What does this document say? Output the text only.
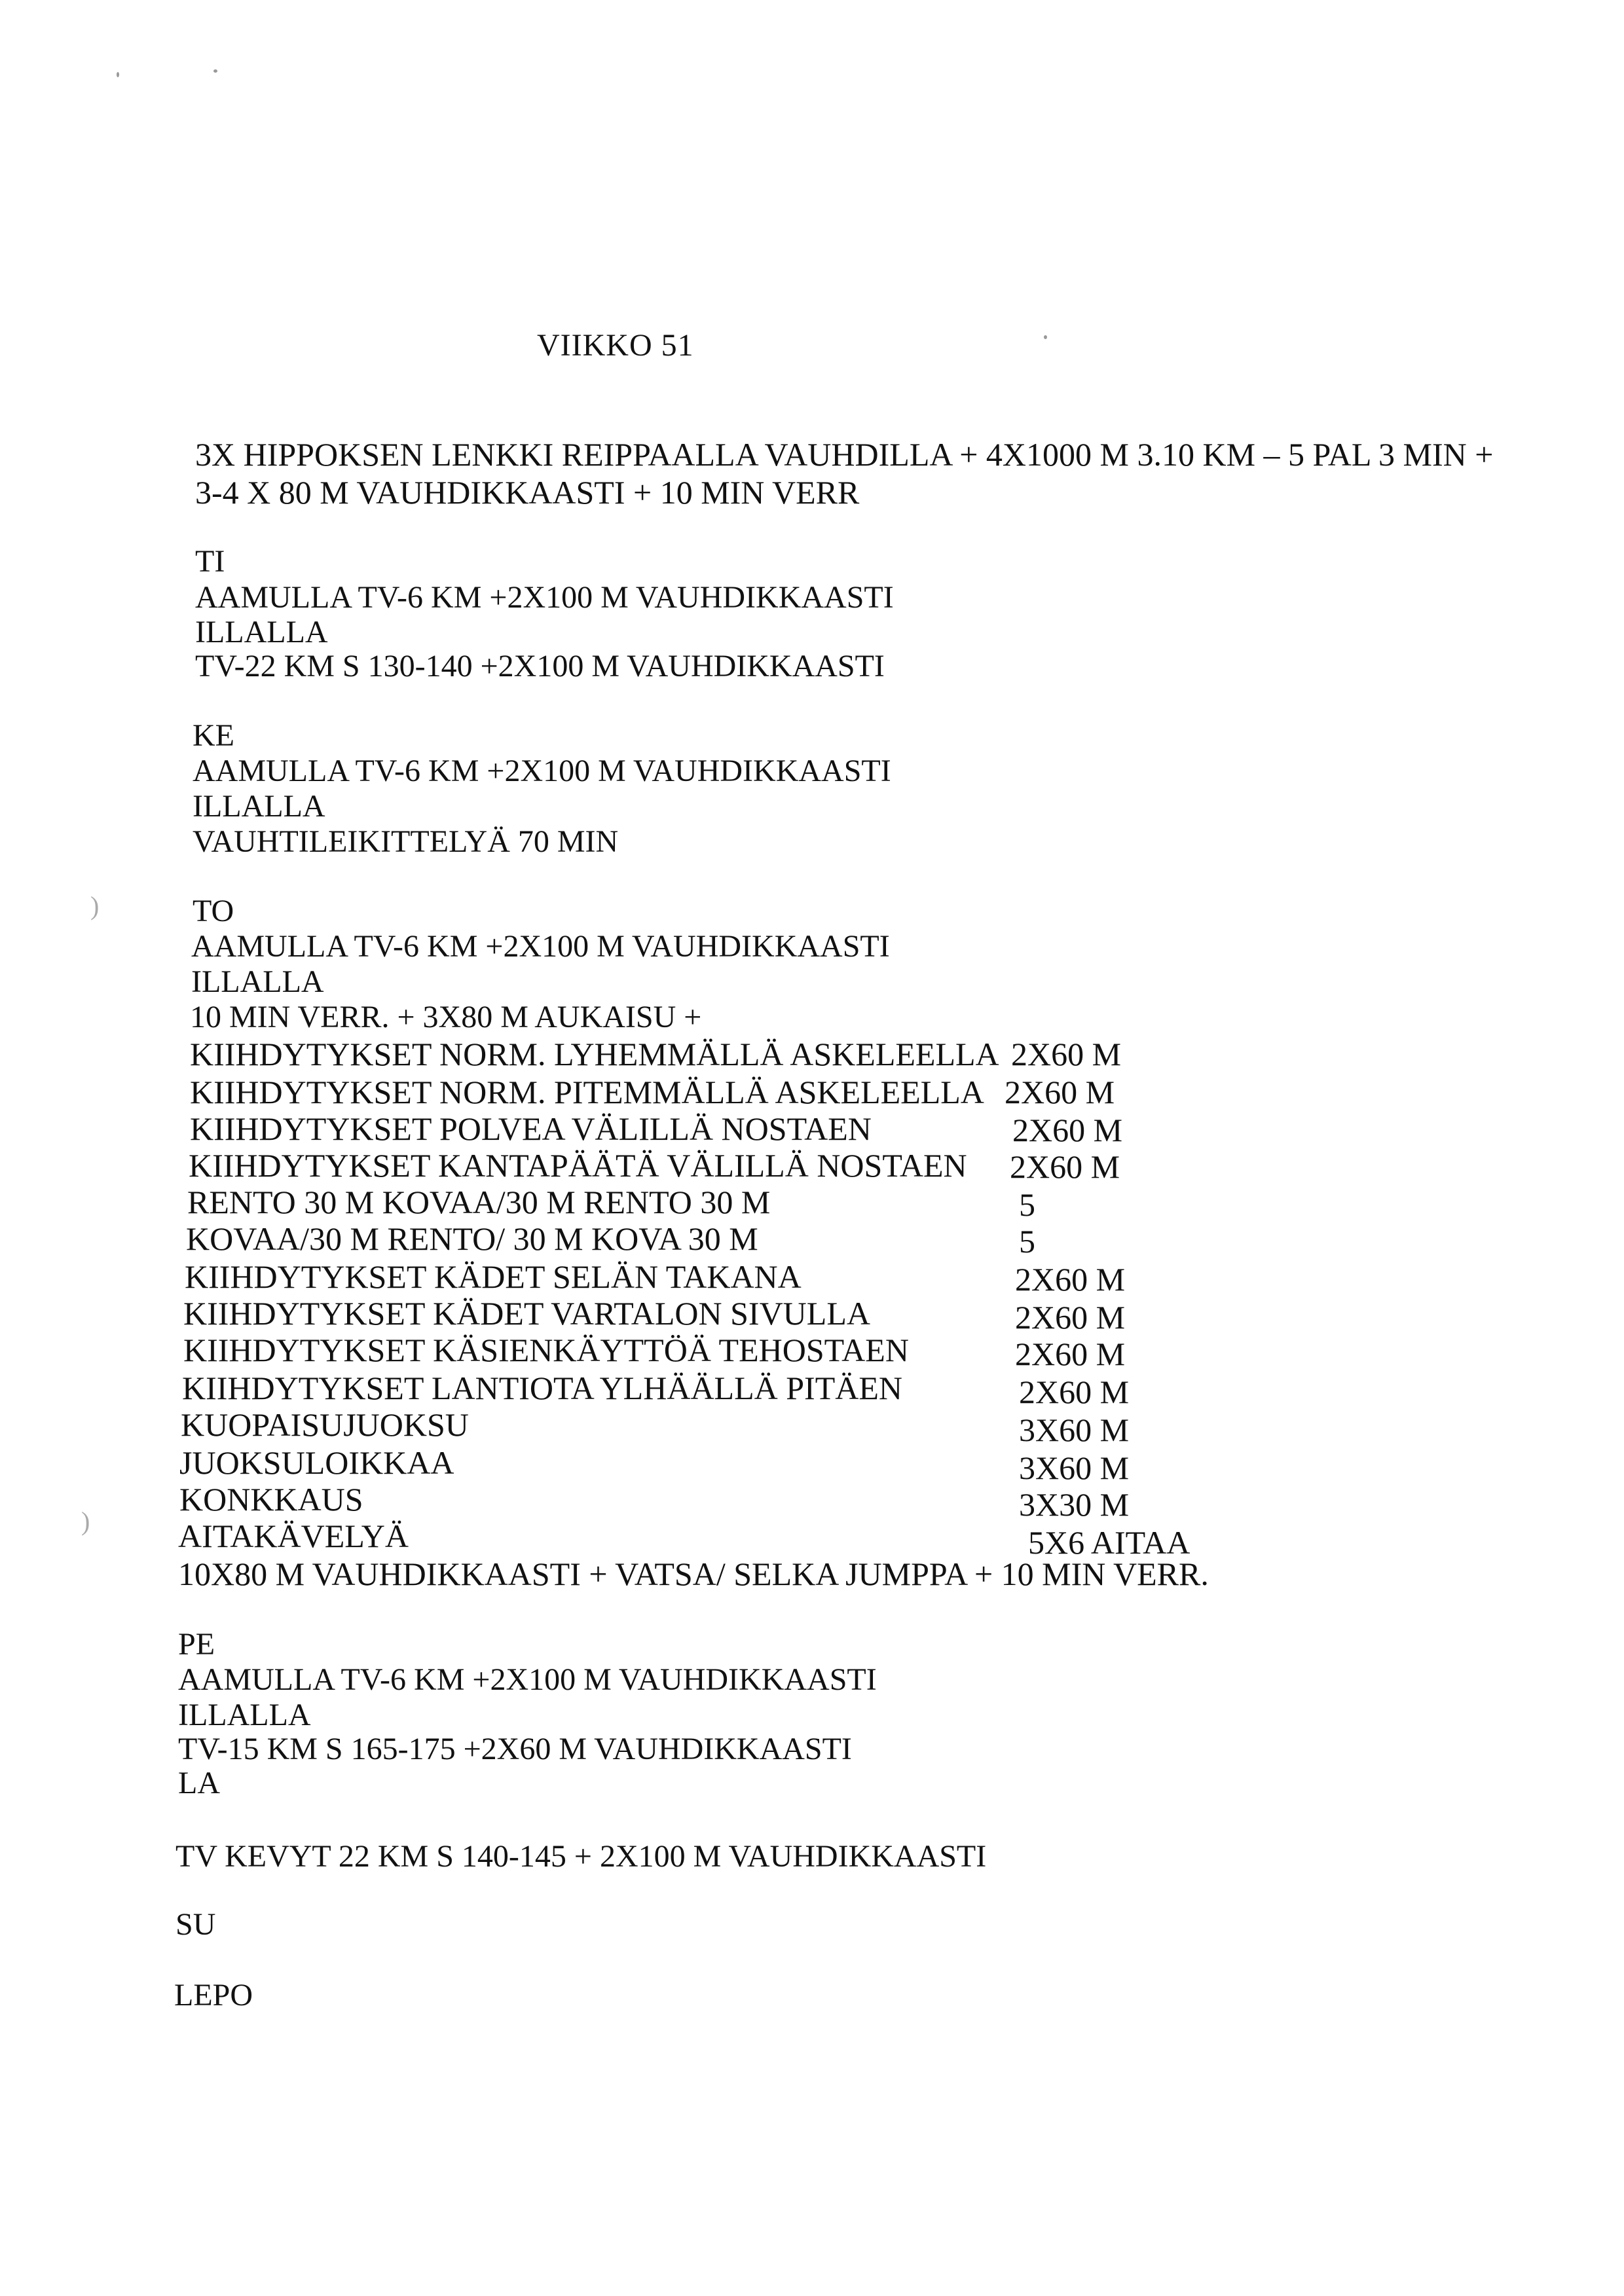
)
)
VIIKKO 51
3X HIPPOKSEN LENKKI REIPPAALLA VAUHDILLA + 4X1000 M 3.10 KM – 5 PAL 3 MIN +
3-4 X 80 M VAUHDIKKAASTI + 10 MIN VERR
TI
AAMULLA TV-6 KM +2X100 M VAUHDIKKAASTI
ILLALLA
TV-22 KM S 130-140 +2X100 M VAUHDIKKAASTI
KE
AAMULLA TV-6 KM +2X100 M VAUHDIKKAASTI
ILLALLA
VAUHTILEIKITTELYÄ 70 MIN
TO
AAMULLA TV-6 KM +2X100 M VAUHDIKKAASTI
ILLALLA
10 MIN VERR. + 3X80 M AUKAISU +
KIIHDYTYKSET NORM. LYHEMMÄLLÄ ASKELEELLA 2X60 M
KIIHDYTYKSET NORM. PITEMMÄLLÄ ASKELEELLA 2X60 M
KIIHDYTYKSET POLVEA VÄLILLÄ NOSTAEN	2X60 M
KIIHDYTYKSET KANTAPÄÄTÄ VÄLILLÄ NOSTAEN 2X60 M
RENTO 30 M KOVAA/30 M RENTO 30 M	5
KOVAA/30 M RENTO/ 30 M KOVA 30 M	5
KIIHDYTYKSET KÄDET SELÄN TAKANA	2X60 M
KIIHDYTYKSET KÄDET VARTALON SIVULLA	2X60 M
KIIHDYTYKSET KÄSIENKÄYTTÖÄ TEHOSTAEN	2X60 M
KIIHDYTYKSET LANTIOTA YLHÄÄLLÄ PITÄEN	2X60 M
KUOPAISUJUOKSU	3X60 M
JUOKSULOIKKAA	3X60 M
KONKKAUS	3X30 M
AITAKÄVELYÄ	5X6 AITAA
10X80 M VAUHDIKKAASTI + VATSA/ SELKA JUMPPA + 10 MIN VERR.
PE
AAMULLA TV-6 KM +2X100 M VAUHDIKKAASTI
ILLALLA
TV-15 KM S 165-175 +2X60 M VAUHDIKKAASTI
LA
TV KEVYT 22 KM S 140-145 + 2X100 M VAUHDIKKAASTI
SU
LEPO
